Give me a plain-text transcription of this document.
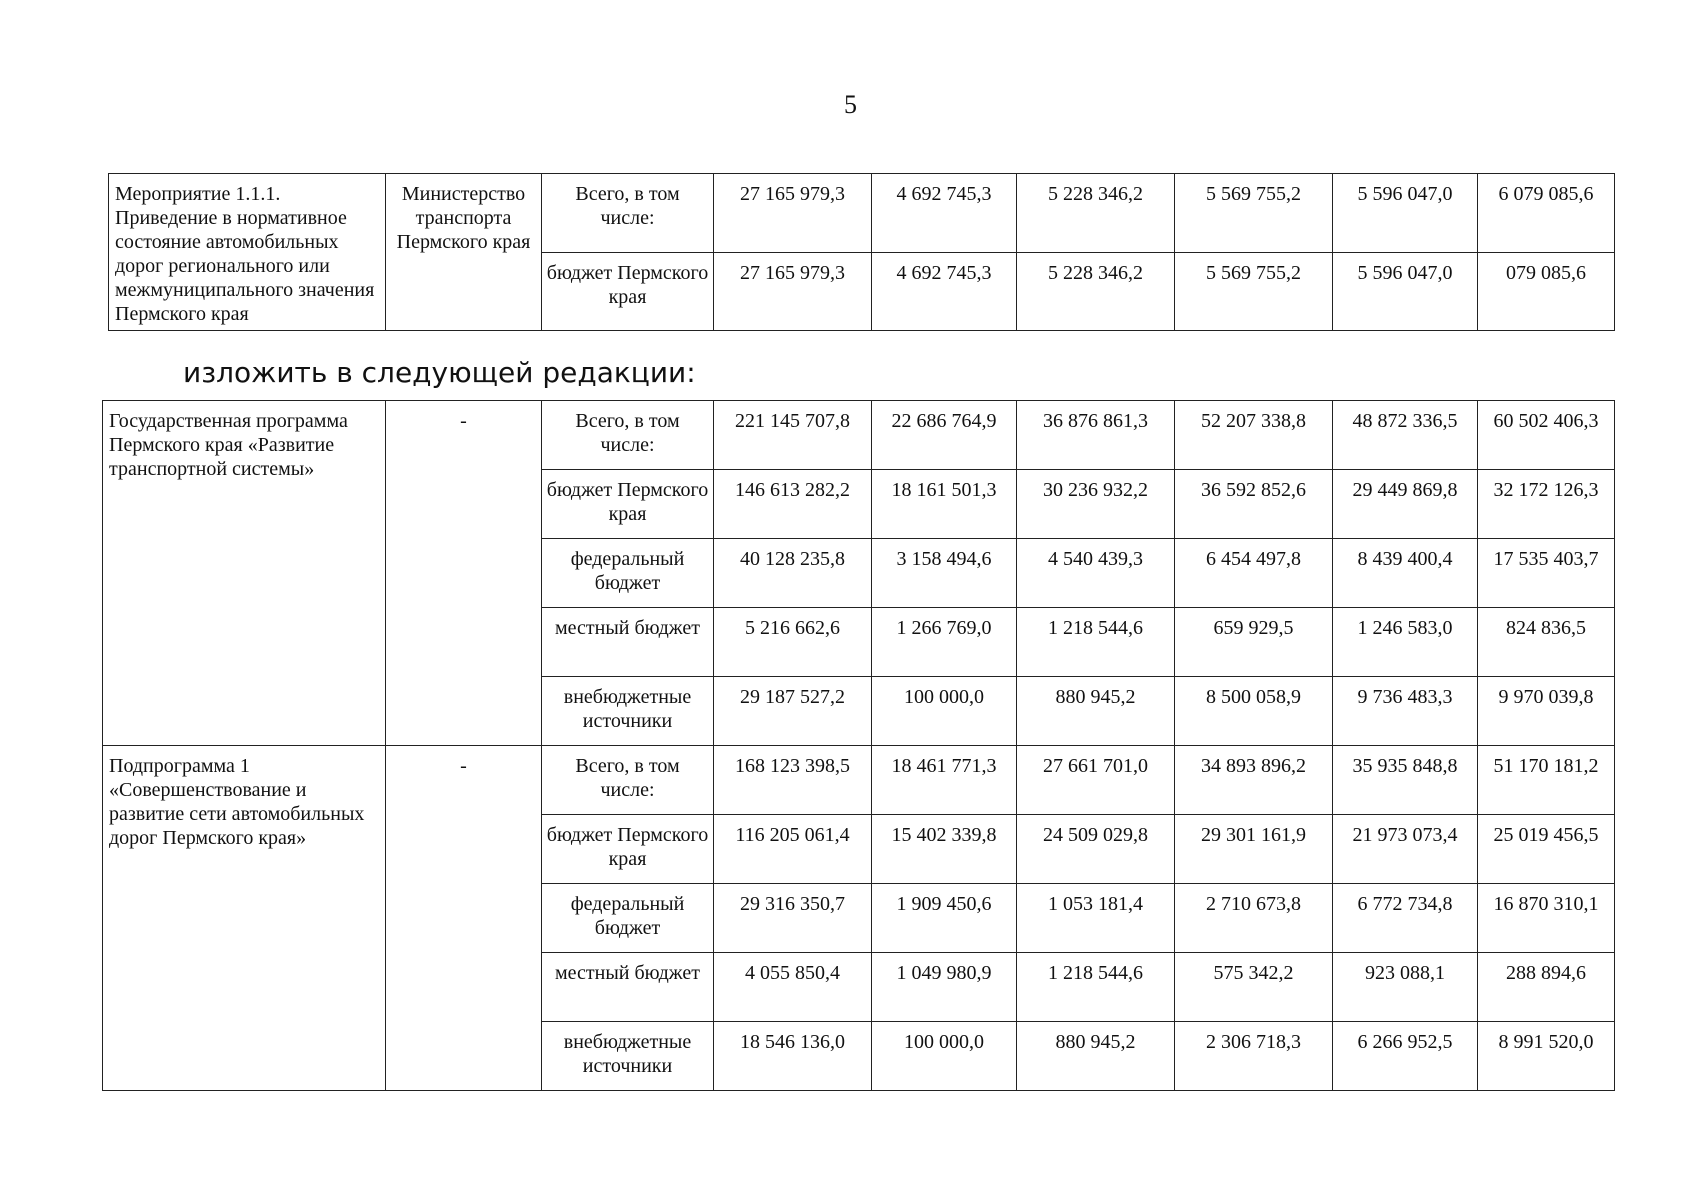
5
Мероприятие 1.1.1. Приведение в нормативное состояние автомобильных дорог регионального или межмуниципального значения Пермского края	Министерство транспорта Пермского края	Всего, в том числе:	27 165 979,3	4 692 745,3	5 228 346,2	5 569 755,2	5 596 047,0	6 079 085,6
		бюджет Пермского края	27 165 979,3	4 692 745,3	5 228 346,2	5 569 755,2	5 596 047,0	079 085,6
изложить в следующей редакции:
Государственная программа Пермского края «Развитие транспортной системы»	-	Всего, в том числе:	221 145 707,8	22 686 764,9	36 876 861,3	52 207 338,8	48 872 336,5	60 502 406,3
		бюджет Пермского края	146 613 282,2	18 161 501,3	30 236 932,2	36 592 852,6	29 449 869,8	32 172 126,3
		федеральный бюджет	40 128 235,8	3 158 494,6	4 540 439,3	6 454 497,8	8 439 400,4	17 535 403,7
		местный бюджет	5 216 662,6	1 266 769,0	1 218 544,6	659 929,5	1 246 583,0	824 836,5
		внебюджетные источники	29 187 527,2	100 000,0	880 945,2	8 500 058,9	9 736 483,3	9 970 039,8
Подпрограмма 1 «Совершенствование и развитие сети автомобильных дорог Пермского края»	-	Всего, в том числе:	168 123 398,5	18 461 771,3	27 661 701,0	34 893 896,2	35 935 848,8	51 170 181,2
		бюджет Пермского края	116 205 061,4	15 402 339,8	24 509 029,8	29 301 161,9	21 973 073,4	25 019 456,5
		федеральный бюджет	29 316 350,7	1 909 450,6	1 053 181,4	2 710 673,8	6 772 734,8	16 870 310,1
		местный бюджет	4 055 850,4	1 049 980,9	1 218 544,6	575 342,2	923 088,1	288 894,6
		внебюджетные источники	18 546 136,0	100 000,0	880 945,2	2 306 718,3	6 266 952,5	8 991 520,0
